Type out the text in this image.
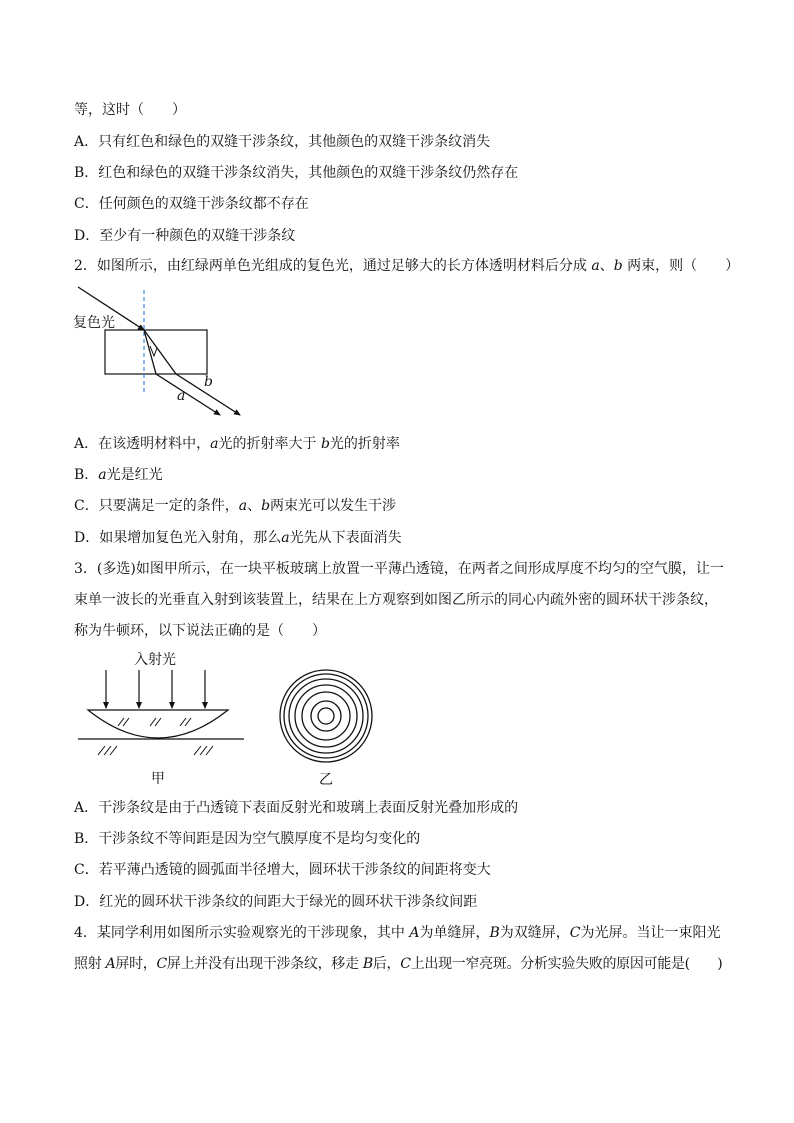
等，这时（　　）
A．只有红色和绿色的双缝干涉条纹，其他颜色的双缝干涉条纹消失
B．红色和绿色的双缝干涉条纹消失，其他颜色的双缝干涉条纹仍然存在
C．任何颜色的双缝干涉条纹都不存在
D．至少有一种颜色的双缝干涉条纹
2．如图所示，由红绿两单色光组成的复色光，通过足够大的长方体透明材料后分成 a、b 两束，则（　　）
复色光
a
b
A．在该透明材料中，a光的折射率大于 b光的折射率
B．a光是红光
C．只要满足一定的条件，a、b两束光可以发生干涉
D．如果增加复色光入射角，那么a光先从下表面消失
3．(多选)如图甲所示，在一块平板玻璃上放置一平薄凸透镜，在两者之间形成厚度不均匀的空气膜，让一
束单一波长的光垂直入射到该装置上，结果在上方观察到如图乙所示的同心内疏外密的圆环状干涉条纹，
称为牛顿环，以下说法正确的是（　　）
入射光
甲	乙
A．干涉条纹是由于凸透镜下表面反射光和玻璃上表面反射光叠加形成的
B．干涉条纹不等间距是因为空气膜厚度不是均匀变化的
C．若平薄凸透镜的圆弧面半径增大，圆环状干涉条纹的间距将变大
D．红光的圆环状干涉条纹的间距大于绿光的圆环状干涉条纹间距
4．某同学利用如图所示实验观察光的干涉现象，其中 A为单缝屏，B为双缝屏，C为光屏。当让一束阳光
照射 A屏时，C屏上并没有出现干涉条纹，移走 B后，C上出现一窄亮斑。分析实验失败的原因可能是(　　)
